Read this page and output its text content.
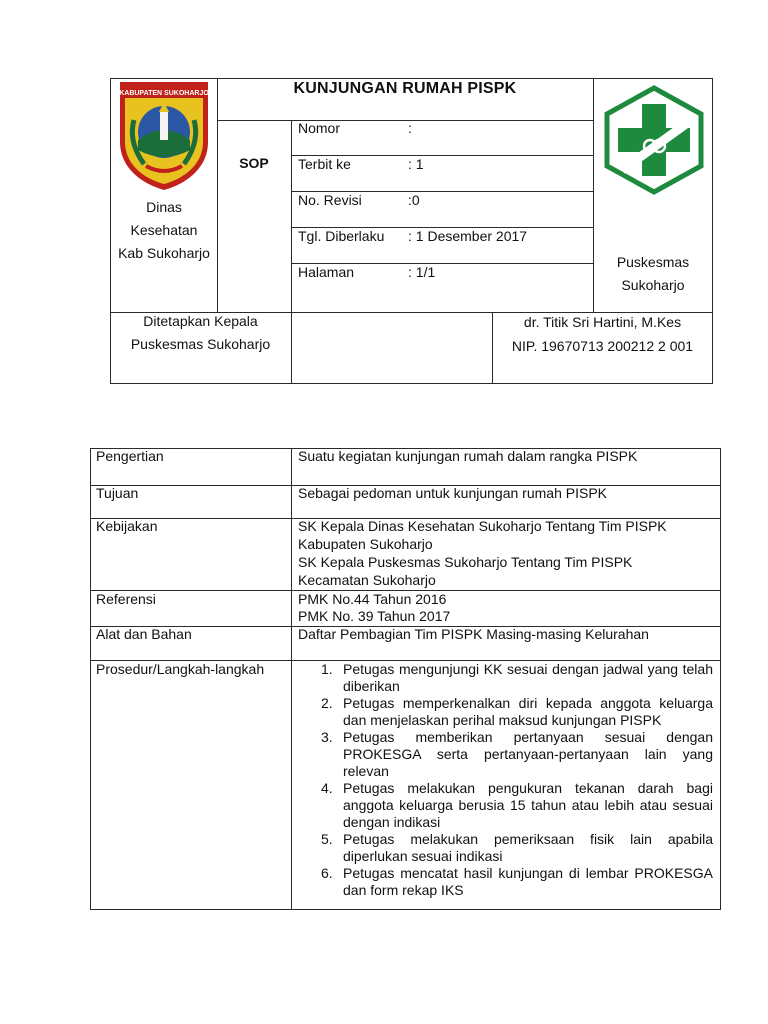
KABUPATEN SUKOHARJO
Dinas
Kesehatan
Kab Sukoharjo
KUNJUNGAN RUMAH PISPK
SOP
Nomor	:
Terbit ke	: 1
No. Revisi	:0
Tgl. Diberlaku : 1 Desember 2017
Halaman	: 1/1
Puskesmas
Sukoharjo
Ditetapkan Kepala
Puskesmas Sukoharjo
dr. Titik Sri Hartini, M.Kes
NIP. 19670713 200212 2 001
Pengertian	Suatu kegiatan kunjungan rumah dalam rangka PISPK
Tujuan	Sebagai pedoman untuk kunjungan rumah PISPK
Kebijakan	SK Kepala Dinas Kesehatan Sukoharjo Tentang Tim PISPK
Kabupaten Sukoharjo
SK Kepala Puskesmas Sukoharjo Tentang Tim PISPK
Kecamatan Sukoharjo
Referensi	PMK No.44 Tahun 2016
PMK No. 39 Tahun 2017
Alat dan Bahan	Daftar Pembagian Tim PISPK Masing-masing Kelurahan
Prosedur/Langkah-langkah	1. Petugas mengunjungi KK sesuai dengan jadwal yang telah diberikan
2. Petugas memperkenalkan diri kepada anggota keluarga dan menjelaskan perihal maksud kunjungan PISPK
3. Petugas memberikan pertanyaan sesuai dengan PROKESGA serta pertanyaan-pertanyaan lain yang relevan
4. Petugas melakukan pengukuran tekanan darah bagi anggota keluarga berusia 15 tahun atau lebih atau sesuai dengan indikasi
5. Petugas melakukan pemeriksaan fisik lain apabila diperlukan sesuai indikasi
6. Petugas mencatat hasil kunjungan di lembar PROKESGA dan form rekap IKS
